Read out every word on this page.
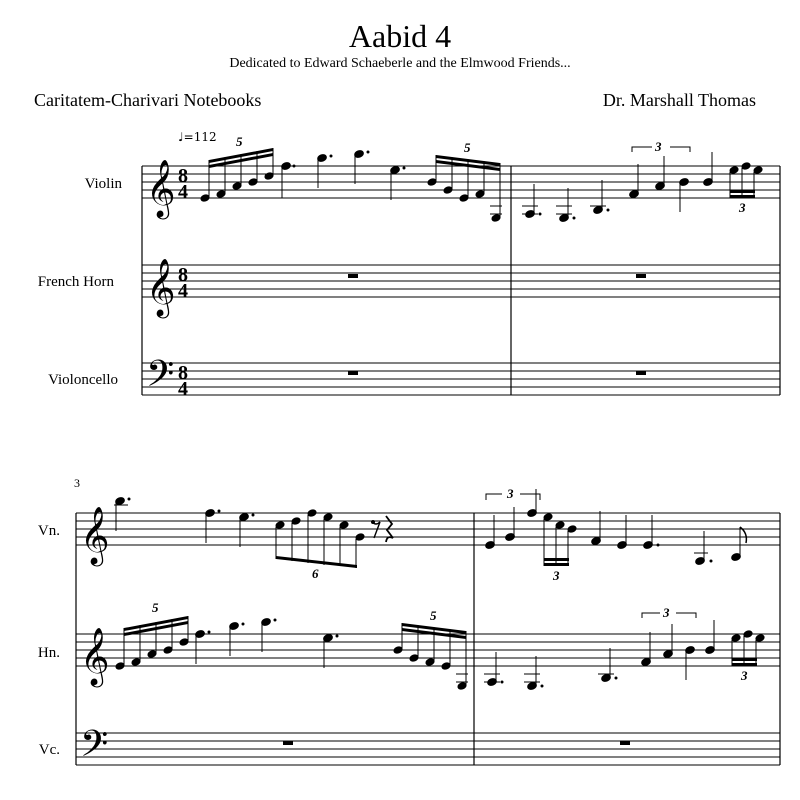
Aabid 4
Dedicated to Edward Schaeberle and the Elmwood Friends...
Caritatem-Charivari Notebooks	Dr. Marshall Thomas
♩=112
Violin
French Horn
Violoncello
3
Vn.
Hn.
Vc.
𝄞
𝄞
𝄢
𝄞
𝄞
𝄢
8
4
8
4
8
4
5	5	3
3
6
3
3
5
5	3
3
